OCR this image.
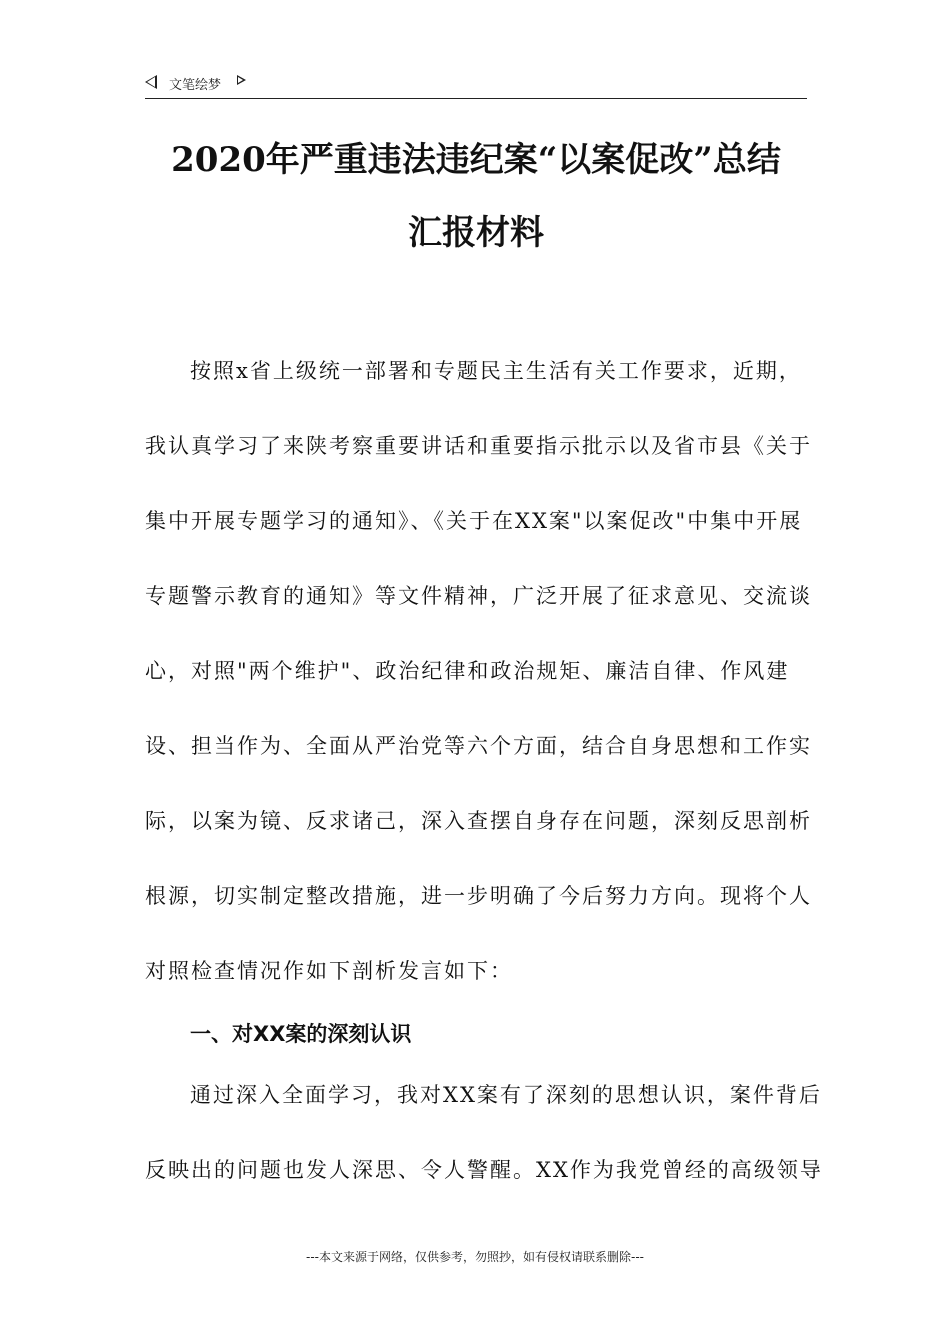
文笔绘梦
2020年严重违法违纪案“以案促改”总结
汇报材料
按照x省上级统一部署和专题民主生活有关工作要求，近期，
我认真学习了来陕考察重要讲话和重要指示批示以及省市县《关于
集中开展专题学习的通知》、《关于在XX案"以案促改"中集中开展
专题警示教育的通知》等文件精神，广泛开展了征求意见、交流谈
心，对照"两个维护"、政治纪律和政治规矩、廉洁自律、作风建
设、担当作为、全面从严治党等六个方面，结合自身思想和工作实
际，以案为镜、反求诸己，深入查摆自身存在问题，深刻反思剖析
根源，切实制定整改措施，进一步明确了今后努力方向。现将个人
对照检查情况作如下剖析发言如下：
一、对XX案的深刻认识
通过深入全面学习，我对XX案有了深刻的思想认识，案件背后
反映出的问题也发人深思、令人警醒。XX作为我党曾经的高级领导
---本文来源于网络，仅供参考，勿照抄，如有侵权请联系删除---
